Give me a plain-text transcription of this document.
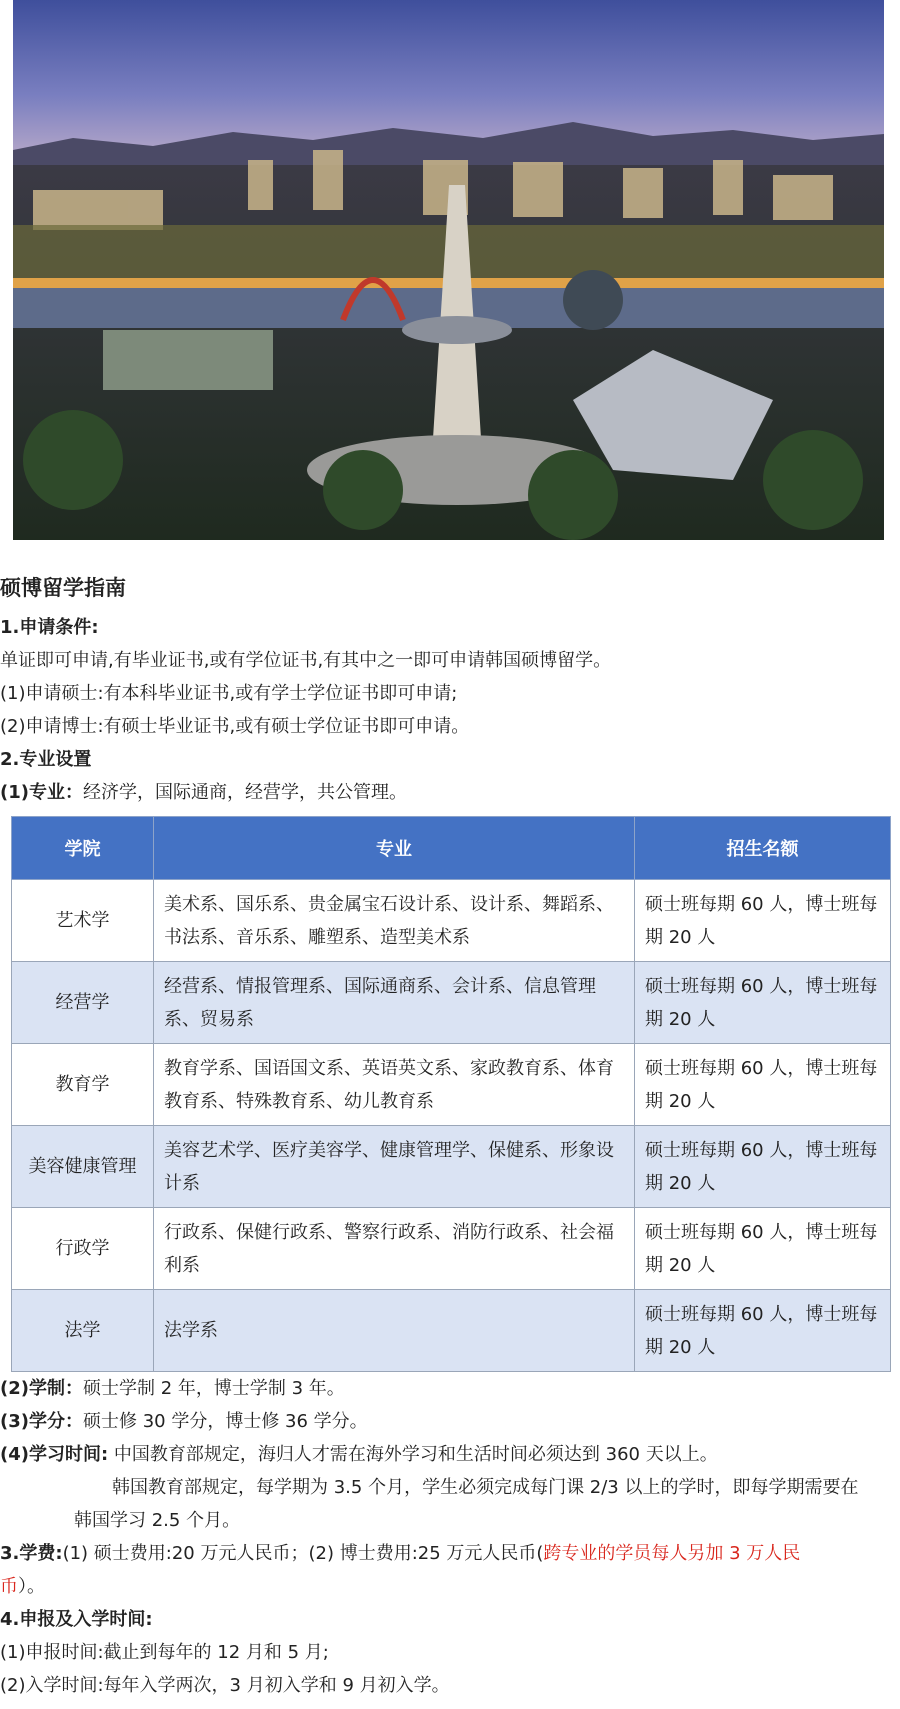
硕博留学指南
1.申请条件:
单证即可申请,有毕业证书,或有学位证书,有其中之一即可申请韩国硕博留学。
(1)申请硕士:有本科毕业证书,或有学士学位证书即可申请;
(2)申请博士:有硕士毕业证书,或有硕士学位证书即可申请。
2.专业设置
(1)专业：经济学，国际通商，经营学，共公管理。
学院	专业	招生名额
艺术学	美术系、国乐系、贵金属宝石设计系、设计系、舞蹈系、书法系、音乐系、雕塑系、造型美术系	硕士班每期 60 人，博士班每期 20 人
经营学	经营系、情报管理系、国际通商系、会计系、信息管理系、贸易系	硕士班每期 60 人，博士班每期 20 人
教育学	教育学系、国语国文系、英语英文系、家政教育系、体育教育系、特殊教育系、幼儿教育系	硕士班每期 60 人，博士班每期 20 人
美容健康管理	美容艺术学、医疗美容学、健康管理学、保健系、形象设计系	硕士班每期 60 人，博士班每期 20 人
行政学	行政系、保健行政系、警察行政系、消防行政系、社会福利系	硕士班每期 60 人，博士班每期 20 人
法学	法学系	硕士班每期 60 人，博士班每期 20 人
(2)学制：硕士学制 2 年，博士学制 3 年。
(3)学分：硕士修 30 学分，博士修 36 学分。
(4)学习时间: 中国教育部规定，海归人才需在海外学习和生活时间必须达到 360 天以上。
韩国教育部规定，每学期为 3.5 个月，学生必须完成每门课 2/3 以上的学时，即每学期需要在
韩国学习 2.5 个月。
3.学费:(1) 硕士费用:20 万元人民币；(2) 博士费用:25 万元人民币(跨专业的学员每人另加 3 万人民
币）。
4.申报及入学时间:
(1)申报时间:截止到每年的 12 月和 5 月;
(2)入学时间:每年入学两次，3 月初入学和 9 月初入学。
